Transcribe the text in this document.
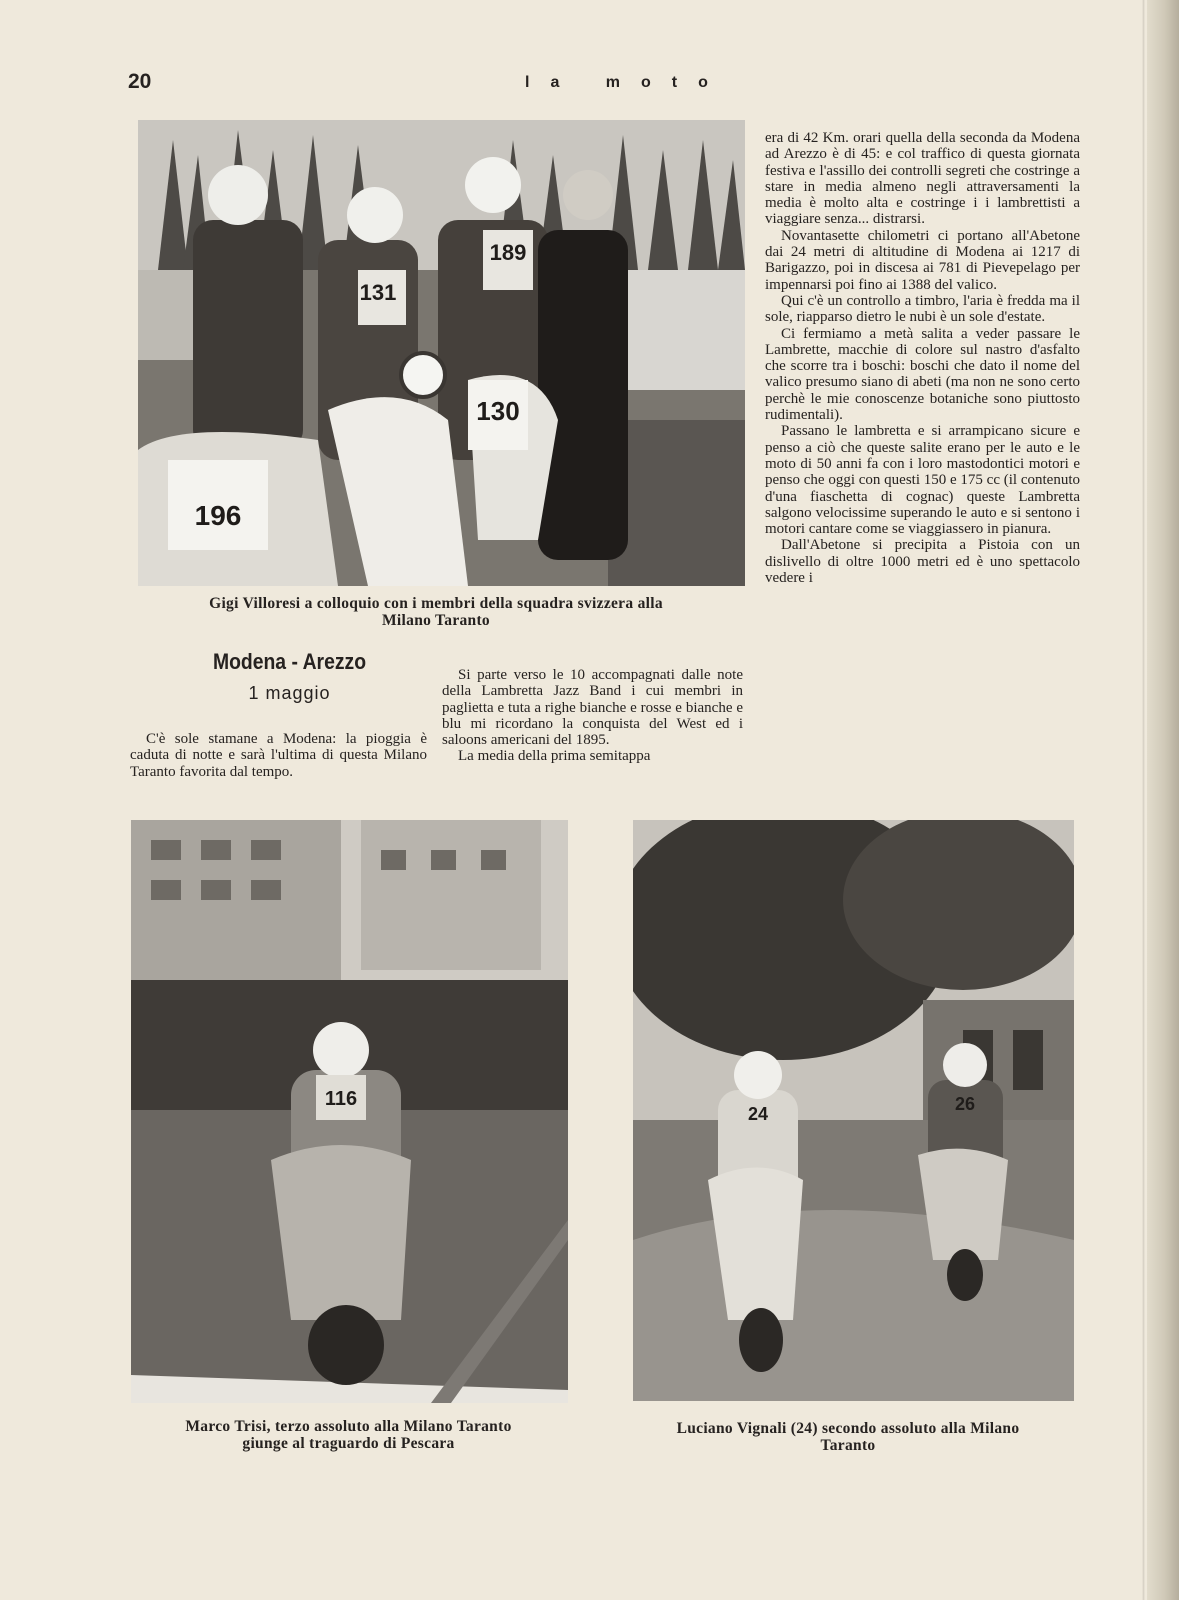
20	la moto
196
130
131
189
Gigi Villoresi a colloquio con i membri della squadra svizzera alla
Milano Taranto
Modena - Arezzo
1 maggio

C'è sole stamane a Modena: la pioggia è caduta di notte e sarà l'ultima di questa Milano Taranto favorita dal tempo.

Si parte verso le 10 accompagnati dalle note della Lambretta Jazz Band i cui membri in paglietta e tuta a righe bianche e rosse e bianche e blu mi ricordano la conquista del West ed i saloons americani del 1895.

La media della prima semitappa

era di 42 Km. orari quella della seconda da Modena ad Arezzo è di 45: e col traffico di questa giornata festiva e l'assillo dei controlli segreti che costringe a stare in media almeno negli attraversamenti la media è molto alta e costringe i i lambrettisti a viaggiare senza... distrarsi.

Novantasette chilometri ci portano all'Abetone dai 24 metri di altitudine di Modena ai 1217 di Barigazzo, poi in discesa ai 781 di Pievepelago per impennarsi poi fino ai 1388 del valico.

Qui c'è un controllo a timbro, l'aria è fredda ma il sole, riapparso dietro le nubi è un sole d'estate.

Ci fermiamo a metà salita a veder passare le Lambrette, macchie di colore sul nastro d'asfalto che scorre tra i boschi: boschi che dato il nome del valico presumo siano di abeti (ma non ne sono certo perchè le mie conoscenze botaniche sono piuttosto rudimentali).

Passano le lambretta e si arrampicano sicure e penso a ciò che queste salite erano per le auto e le moto di 50 anni fa con i loro mastodontici motori e penso che oggi con questi 150 e 175 cc (il contenuto d'una fiaschetta di cognac) queste Lambretta salgono velocissime superando le auto e si sentono i motori cantare come se viaggiassero in pianura.

Dall'Abetone si precipita a Pistoia con un dislivello di oltre 1000 metri ed è uno spettacolo vedere i

116
Marco Trisi, terzo assoluto alla Milano Taranto
giunge al traguardo di Pescara
24	26
Luciano Vignali (24) secondo assoluto alla Milano
Taranto
